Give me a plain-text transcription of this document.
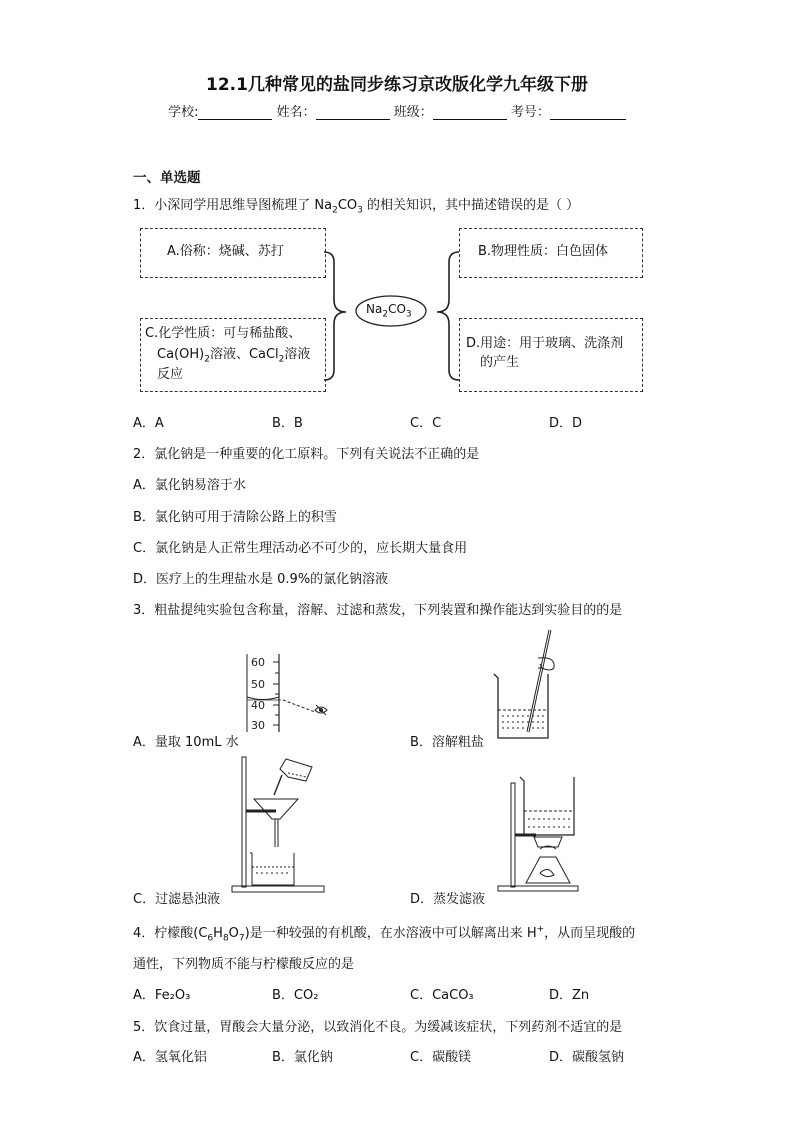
12.1几种常见的盐同步练习京改版化学九年级下册
学校:	姓名：	班级：	考号：
一、单选题
1．小深同学用思维导图梳理了 $Na_2CO_3$ 的相关知识，其中描述错误的是（ ）
A.俗称：烧碱、苏打	B.物理性质：白色固体
C.化学性质：可与稀盐酸、
$Ca(OH)_2$溶液、CaCl$_2$溶液
反应
D.用途：用于玻璃、洗涤剂
的产生
$Na_2CO_3$
A．A	B．B	C．C	D．D
2．氯化钠是一种重要的化工原料。下列有关说法不正确的是
A．氯化钠易溶于水
B．氯化钠可用于清除公路上的积雪
C．氯化钠是人正常生理活动必不可少的，应长期大量食用
D．医疗上的生理盐水是 0.9%的氯化钠溶液
3．粗盐提纯实验包含称量，溶解、过滤和蒸发，下列装置和操作能达到实验目的的是
60
50
40
30
A．量取 10mL 水	B．溶解粗盐
C．过滤悬浊液	D．蒸发滤液
4．柠檬酸$(C_6H_8O_7)$是一种较强的有机酸，在水溶液中可以解离出来 H+，从而呈现酸的
通性，下列物质不能与柠檬酸反应的是
A．Fe₂O₃	B．CO₂	C．CaCO₃	D．Zn
5．饮食过量，胃酸会大量分泌，以致消化不良。为缓减该症状，下列药剂不适宜的是
A．氢氧化铝	B．氯化钠	C．碳酸镁	D．碳酸氢钠
